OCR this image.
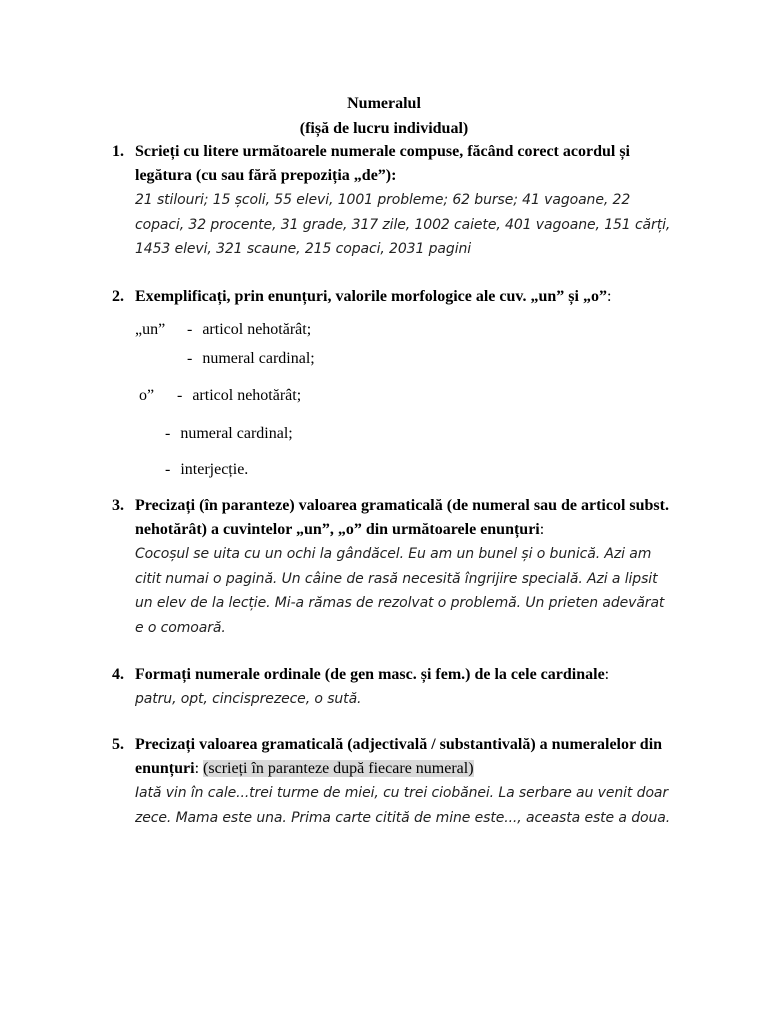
Numeralul
(fișă de lucru individual)
1. Scrieți cu litere următoarele numerale compuse, făcând corect acordul și legătura (cu sau fără prepoziția „de”):
21 stilouri; 15 școli, 55 elevi, 1001 probleme; 62 burse; 41 vagoane, 22 copaci, 32 procente, 31 grade, 317 zile, 1002 caiete, 401 vagoane, 151 cărți, 1453 elevi, 321 scaune, 215 copaci, 2031 pagini
2. Exemplificați, prin enunțuri, valorile morfologice ale cuv. „un” și „o”:
„un” - articol nehotărât;
- numeral cardinal;
o” - articol nehotărât;
- numeral cardinal;
- interjecție.
3. Precizați (în paranteze) valoarea gramaticală (de numeral sau de articol subst. nehotărât) a cuvintelor „un”, „o” din următoarele enunțuri:
Cocoșul se uita cu un ochi la gândăcel. Eu am un bunel și o bunică. Azi am citit numai o pagină. Un câine de rasă necesită îngrijire specială. Azi a lipsit un elev de la lecție. Mi-a rămas de rezolvat o problemă. Un prieten adevărat e o comoară.
4. Formați numerale ordinale (de gen masc. și fem.) de la cele cardinale:
patru, opt, cincisprezece, o sută.
5. Precizați valoarea gramaticală (adjectivală / substantivală) a numeralelor din enunțuri: (scrieți în paranteze după fiecare numeral)
Iată vin în cale...trei turme de miei, cu trei ciobănei. La serbare au venit doar zece. Mama este una. Prima carte citită de mine este..., aceasta este a doua.
